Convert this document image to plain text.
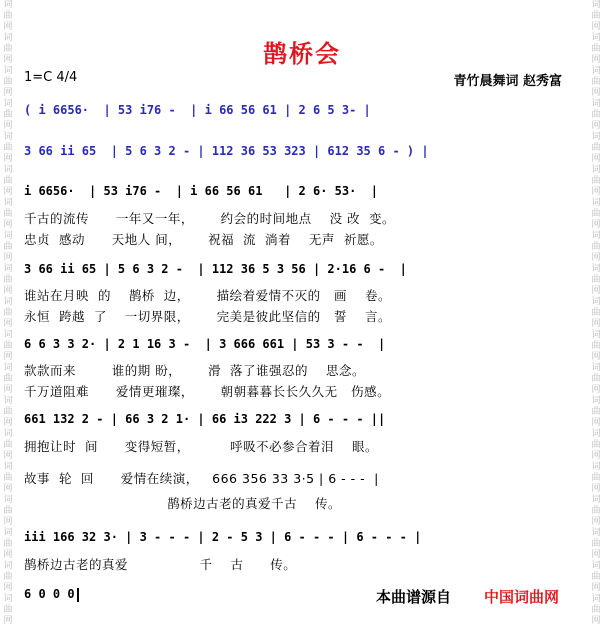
词
曲
网
词
曲
网
词
曲
网
词
曲
网
词
曲
网
词
曲
网
词
曲
网
词
曲
网
词
曲
网
词
曲
网
词
曲
网
词
曲
网
词
曲
网
词
曲
网
词
曲
网
词
曲
网
词
曲
网
词
曲
网
词
曲
网
词
曲
网
词
曲
网
词
曲
网
词
曲
网
词
曲
网
词
曲
网
词
曲
网
词
曲
网
词
曲
网
词
曲
网
词
曲
网
词
曲
网
词
曲
网
词
曲
网
词
曲
网
词
曲
网
词
曲
网
词
曲
网
词
曲
网
鹊桥会
1=C 4/4	青竹晨舞词 赵秀富
( i 6656·  | 53 i76 -  | i 66 56 61 | 2 6 5 3- |
3 66 ii 65  | 5 6 3 2 - | 112 36 53 323 | 612 35 6 - ) |
i 6656·  | 53 i76 -  | i 66 56 61   | 2 6· 53·  |
千古的流传      一年又一年，      约会的时间地点    没 改  变。
忠贞  感动      天地人 间，      祝福  流  淌着    无声  祈愿。
3 66 ii 65 | 5 6 3 2 -  | 112 36 5 3 56 | 2·16 6 -  |
谁站在月映  的    鹊桥  边，      描绘着爱情不灭的   画    卷。
永恒  跨越  了    一切界限，      完美是彼此坚信的   誓    言。
6 6 3 3 2· | 2 1 16 3 -  | 3 666 661 | 53 3 - -  |
款款而来        谁的期 盼，      滑  落了谁强忍的    思念。
千万道阻难      爱情更璀璨，      朝朝暮暮长长久久无   伤感。
661 132 2 - | 66 3 2 1· | 66 i3 222 3 | 6 - - - ||
拥抱让时  间      变得短暂，         呼吸不必参合着泪    眼。
故事  轮  回      爱情在续演，   666 356 33 3·5 | 6 - - -  |
鹊桥边古老的真爱千古    传。
iii 166 32 3· | 3 - - - | 2 - 5 3 | 6 - - - | 6 - - - |
鹊桥边古老的真爱                千    古      传。
6 0 0 0	本曲谱源自 中国词曲网
